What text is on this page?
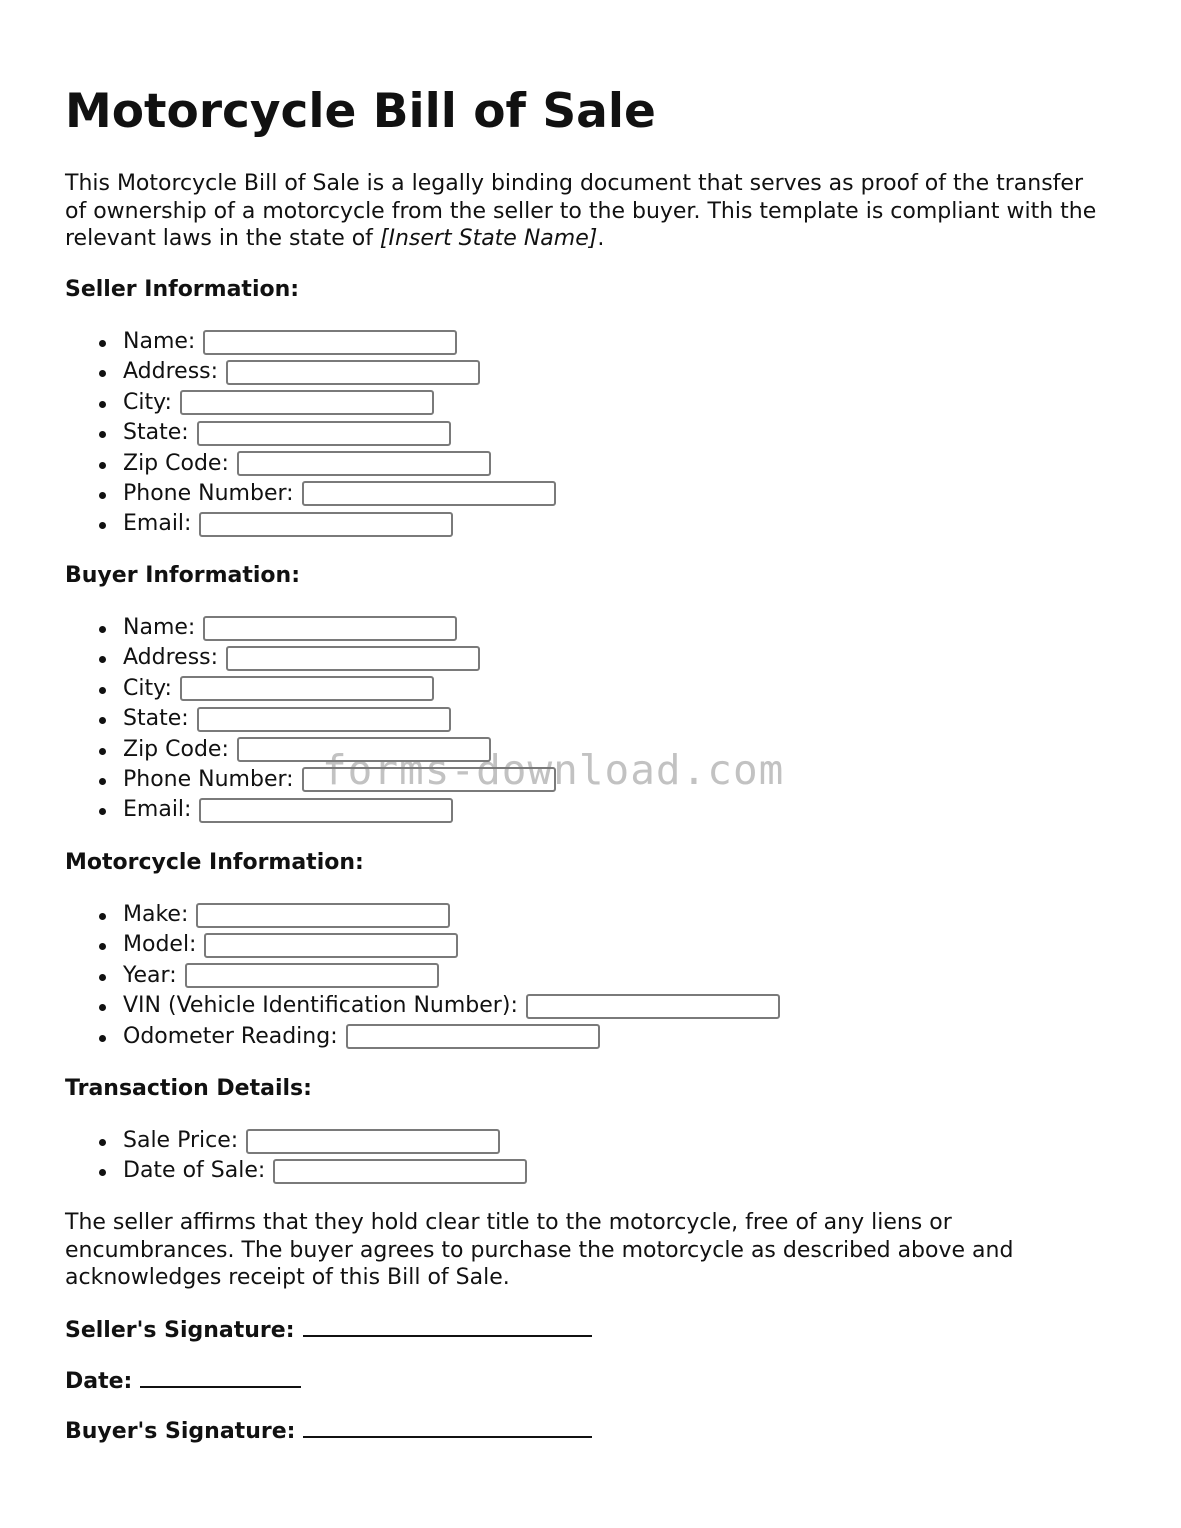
Motorcycle Bill of Sale

This Motorcycle Bill of Sale is a legally binding document that serves as proof of the transfer of ownership of a motorcycle from the seller to the buyer. This template is compliant with the relevant laws in the state of [Insert State Name].

Seller Information:
Name:
Address:
City:
State:
Zip Code:
Phone Number:
Email:
Buyer Information:
Name:
Address:
City:
State:
Zip Code:
Phone Number:
Email:
Motorcycle Information:
Make:
Model:
Year:
VIN (Vehicle Identification Number):
Odometer Reading:
Transaction Details:
Sale Price:
Date of Sale:

The seller affirms that they hold clear title to the motorcycle, free of any liens or encumbrances. The buyer agrees to purchase the motorcycle as described above and acknowledges receipt of this Bill of Sale.

Seller's Signature:

Date:

Buyer's Signature:

forms-download.com
